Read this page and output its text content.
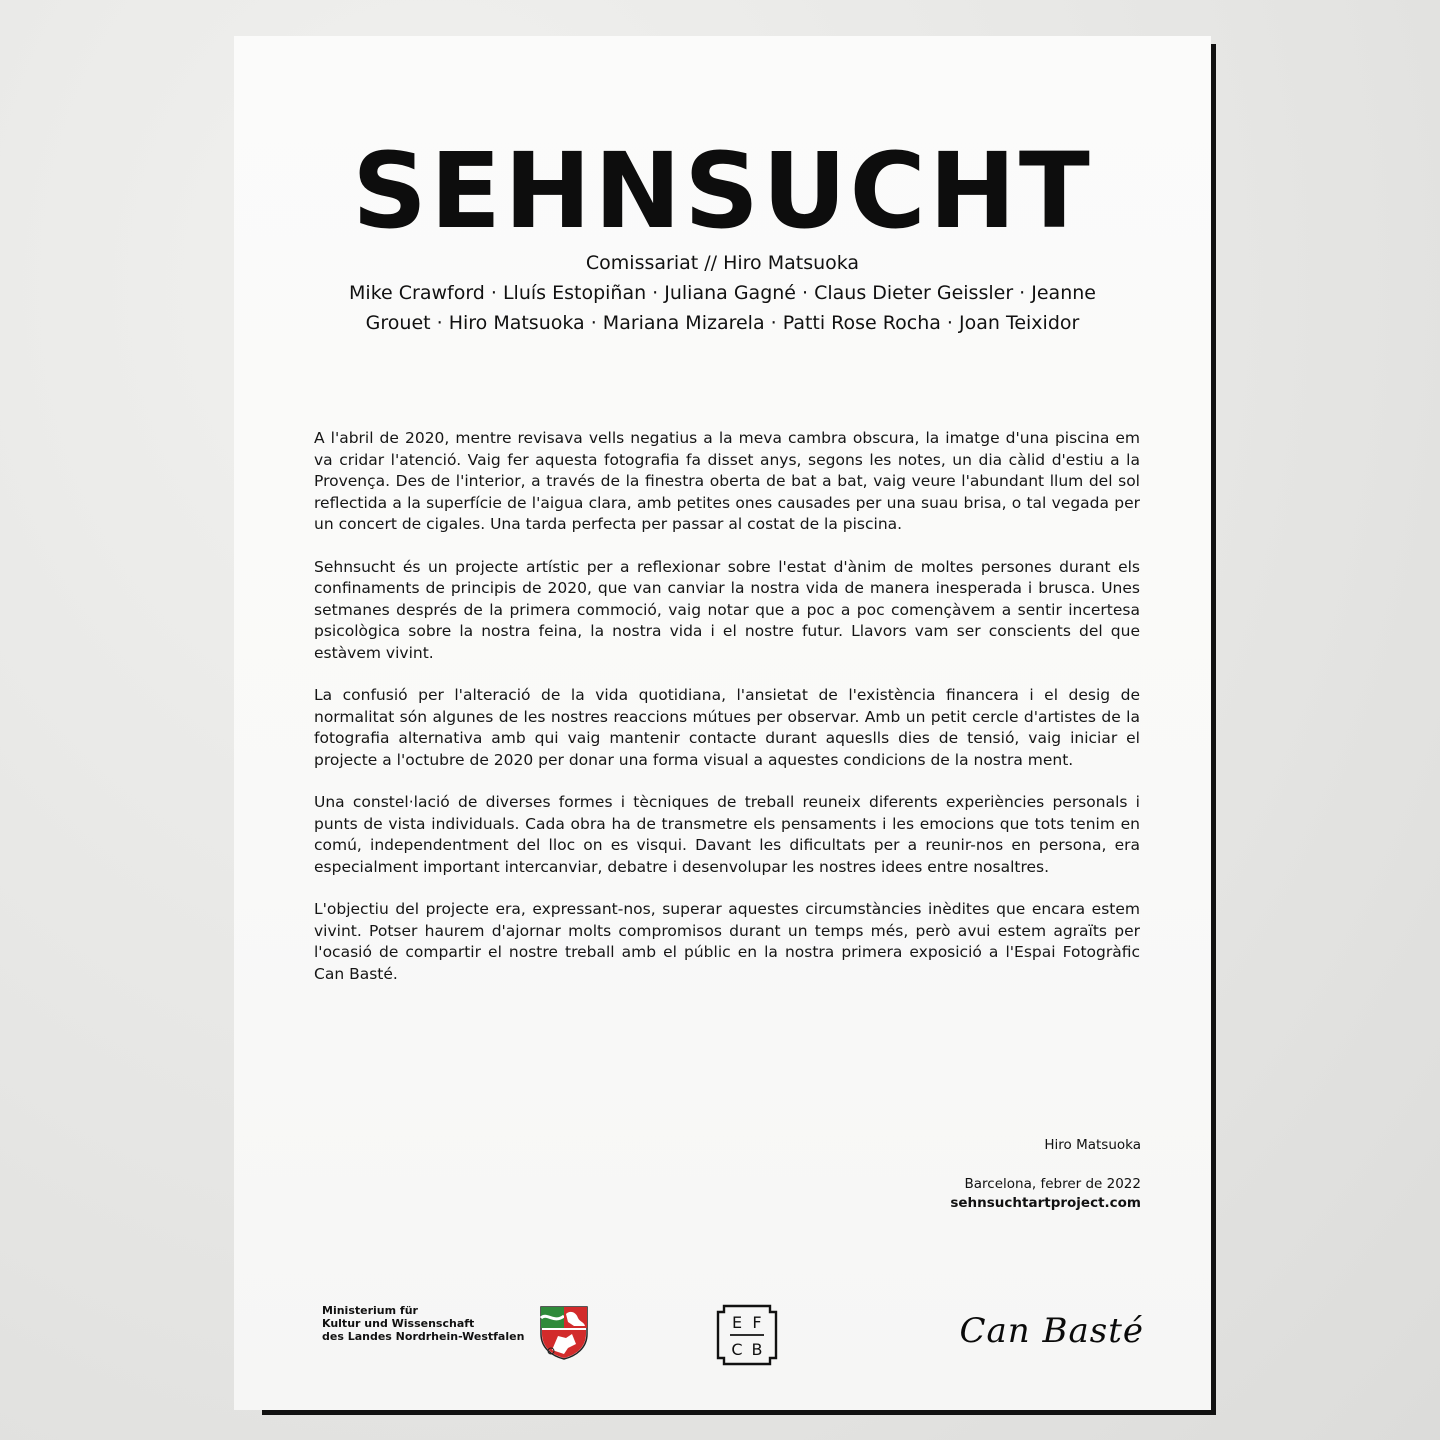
SEHNSUCHT
Comissariat // Hiro Matsuoka
Mike Crawford · Lluís Estopiñan · Juliana Gagné · Claus Dieter Geissler · Jeanne
Grouet · Hiro Matsuoka · Mariana Mizarela · Patti Rose Rocha · Joan Teixidor

A l'abril de 2020, mentre revisava vells negatius a la meva cambra obscura, la imatge d'una piscina em va cridar l'atenció. Vaig fer aquesta fotografia fa disset anys, segons les notes, un dia càlid d'estiu a la Provença. Des de l'interior, a través de la finestra oberta de bat a bat, vaig veure l'abundant llum del sol reflectida a la superfície de l'aigua clara, amb petites ones causades per una suau brisa, o tal vegada per un concert de cigales. Una tarda perfecta per passar al costat de la piscina.

Sehnsucht és un projecte artístic per a reflexionar sobre l'estat d'ànim de moltes persones durant els confinaments de principis de 2020, que van canviar la nostra vida de manera inesperada i brusca. Unes setmanes després de la primera commoció, vaig notar que a poc a poc començàvem a sentir incertesa psicològica sobre la nostra feina, la nostra vida i el nostre futur. Llavors vam ser conscients del que estàvem vivint.

La confusió per l'alteració de la vida quotidiana, l'ansietat de l'existència financera i el desig de normalitat són algunes de les nostres reaccions mútues per observar. Amb un petit cercle d'artistes de la fotografia alternativa amb qui vaig mantenir contacte durant aqueslls dies de tensió, vaig iniciar el projecte a l'octubre de 2020 per donar una forma visual a aquestes condicions de la nostra ment.

Una constel·lació de diverses formes i tècniques de treball reuneix diferents experiències personals i punts de vista individuals. Cada obra ha de transmetre els pensaments i les emocions que tots tenim en comú, independentment del lloc on es visqui. Davant les dificultats per a reunir-nos en persona, era especialment important intercanviar, debatre i desenvolupar les nostres idees entre nosaltres.

L'objectiu del projecte era, expressant-nos, superar aquestes circumstàncies inèdites que encara estem vivint. Potser haurem d'ajornar molts compromisos durant un temps més, però avui estem agraïts per l'ocasió de compartir el nostre treball amb el públic en la nostra primera exposició a l'Espai Fotogràfic Can Basté.

Hiro Matsuoka
Barcelona, febrer de 2022
sehnsuchtartproject.com
Ministerium für
Kultur und Wissenschaft
des Landes Nordrhein-Westfalen
E F
C B	Can Basté
